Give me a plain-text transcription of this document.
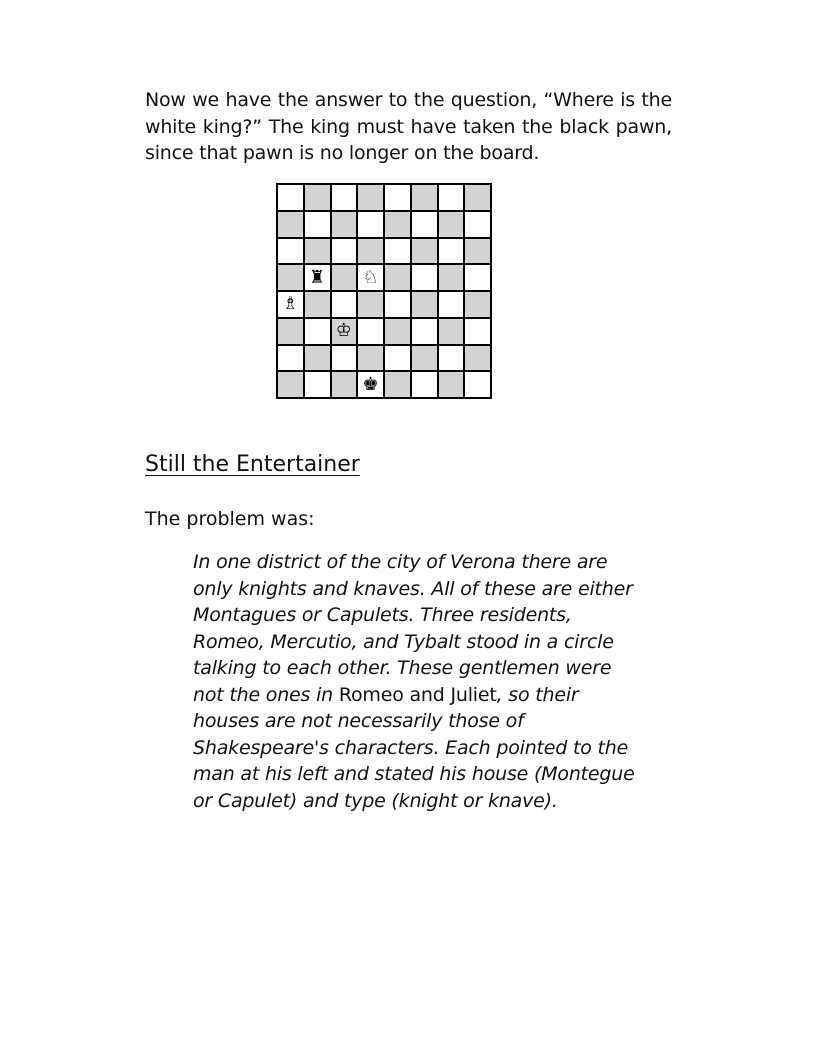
Now we have the answer to the question, “Where is the
white king?” The king must have taken the black pawn,
since that pawn is no longer on the board.
♜ ♘
♗
♔
♚
Still the Entertainer
The problem was:
In one district of the city of Verona there are
only knights and knaves. All of these are either
Montagues or Capulets. Three residents,
Romeo, Mercutio, and Tybalt stood in a circle
talking to each other. These gentlemen were
not the ones in Romeo and Juliet, so their
houses are not necessarily those of
Shakespeare's characters. Each pointed to the
man at his left and stated his house (Montegue
or Capulet) and type (knight or knave).
